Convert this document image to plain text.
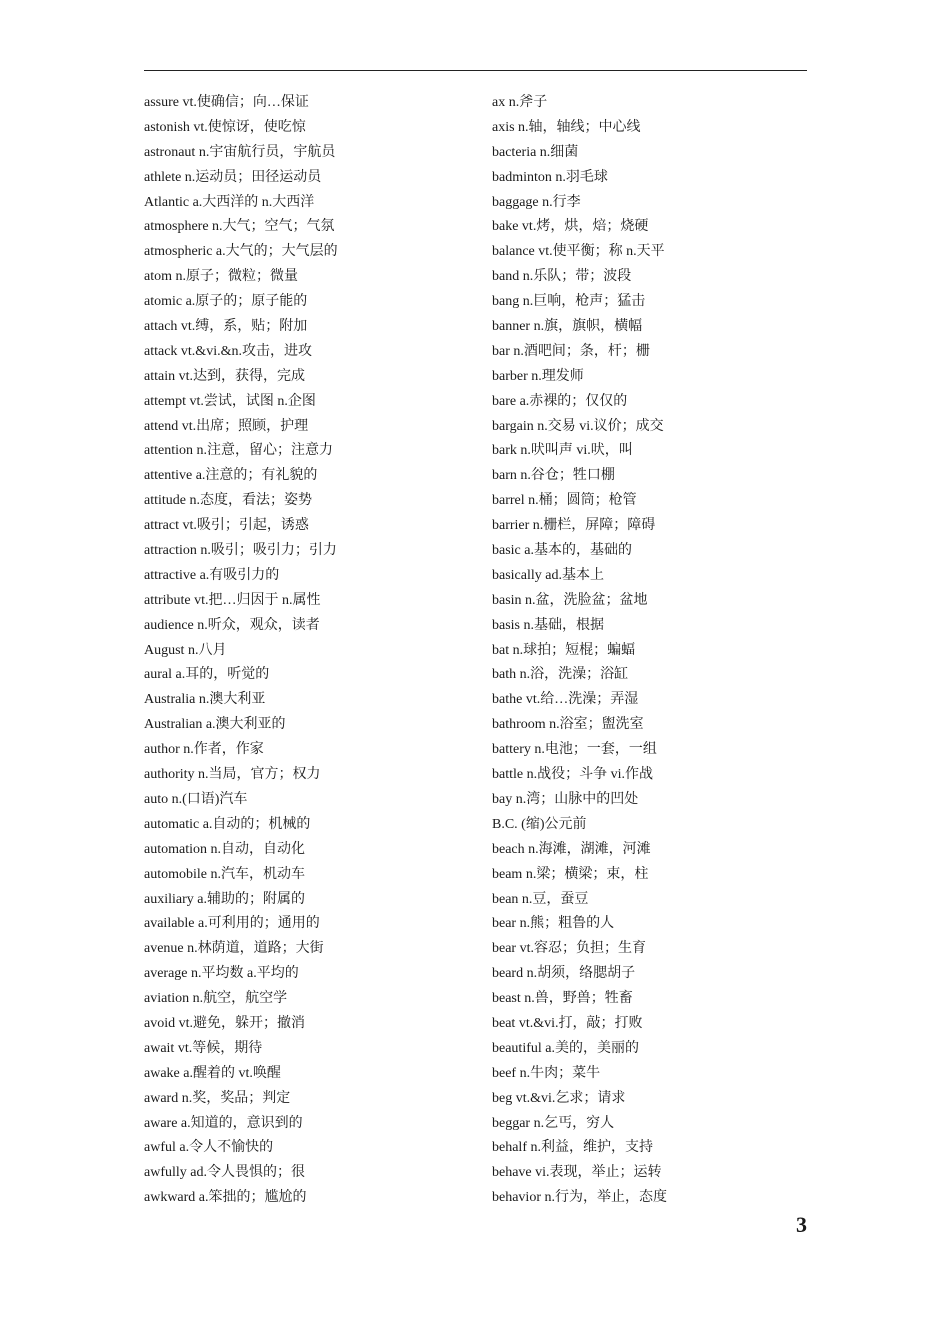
assure vt.使确信；向…保证
astonish vt.使惊讶，使吃惊
astronaut n.宇宙航行员，宇航员
athlete n.运动员；田径运动员
Atlantic a.大西洋的 n.大西洋
atmosphere n.大气；空气；气氛
atmospheric a.大气的；大气层的
atom n.原子；微粒；微量
atomic a.原子的；原子能的
attach vt.缚，系，贴；附加
attack vt.&vi.&n.攻击，进攻
attain vt.达到，获得，完成
attempt vt.尝试，试图 n.企图
attend vt.出席；照顾，护理
attention n.注意，留心；注意力
attentive a.注意的；有礼貌的
attitude n.态度，看法；姿势
attract vt.吸引；引起，诱惑
attraction n.吸引；吸引力；引力
attractive a.有吸引力的
attribute vt.把…归因于 n.属性
audience n.听众，观众，读者
August n.八月
aural a.耳的，听觉的
Australia n.澳大利亚
Australian a.澳大利亚的
author n.作者，作家
authority n.当局，官方；权力
auto n.(口语)汽车
automatic a.自动的；机械的
automation n.自动，自动化
automobile n.汽车，机动车
auxiliary a.辅助的；附属的
available a.可利用的；通用的
avenue n.林荫道，道路；大街
average n.平均数 a.平均的
aviation n.航空，航空学
avoid vt.避免，躲开；撤消
await vt.等候，期待
awake a.醒着的 vt.唤醒
award n.奖，奖品；判定
aware a.知道的，意识到的
awful a.令人不愉快的
awfully ad.令人畏惧的；很
awkward a.笨拙的；尴尬的
ax n.斧子
axis n.轴，轴线；中心线
bacteria n.细菌
badminton n.羽毛球
baggage n.行李
bake vt.烤，烘，焙；烧硬
balance vt.使平衡；称 n.天平
band n.乐队；带；波段
bang n.巨响，枪声；猛击
banner n.旗，旗帜，横幅
bar n.酒吧间；条，杆；栅
barber n.理发师
bare a.赤裸的；仅仅的
bargain n.交易 vi.议价；成交
bark n.吠叫声 vi.吠，叫
barn n.谷仓；牲口棚
barrel n.桶；圆筒；枪管
barrier n.栅栏，屏障；障碍
basic a.基本的，基础的
basically ad.基本上
basin n.盆，洗脸盆；盆地
basis n.基础，根据
bat n.球拍；短棍；蝙蝠
bath n.浴，洗澡；浴缸
bathe vt.给…洗澡；弄湿
bathroom n.浴室；盥洗室
battery n.电池；一套，一组
battle n.战役；斗争 vi.作战
bay n.湾；山脉中的凹处
B.C. (缩)公元前
beach n.海滩，湖滩，河滩
beam n.梁；横梁；束，柱
bean n.豆，蚕豆
bear n.熊；粗鲁的人
bear vt.容忍；负担；生育
beard n.胡须，络腮胡子
beast n.兽，野兽；牲畜
beat vt.&vi.打，敲；打败
beautiful a.美的，美丽的
beef n.牛肉；菜牛
beg vt.&vi.乞求；请求
beggar n.乞丐，穷人
behalf n.利益，维护，支持
behave vi.表现，举止；运转
behavior n.行为，举止，态度
3
